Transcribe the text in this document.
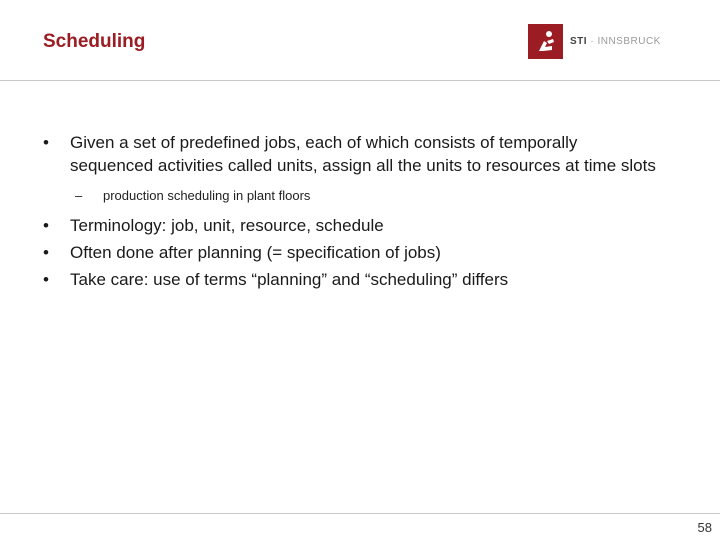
Scheduling	STI · INNSBRUCK

• Given a set of predefined jobs, each of which consists of temporally sequenced activities called units, assign all the units to resources at time slots

– production scheduling in plant floors

• Terminology: job, unit, resource, schedule

• Often done after planning (= specification of jobs)

• Take care: use of terms “planning” and “scheduling” differs

58
